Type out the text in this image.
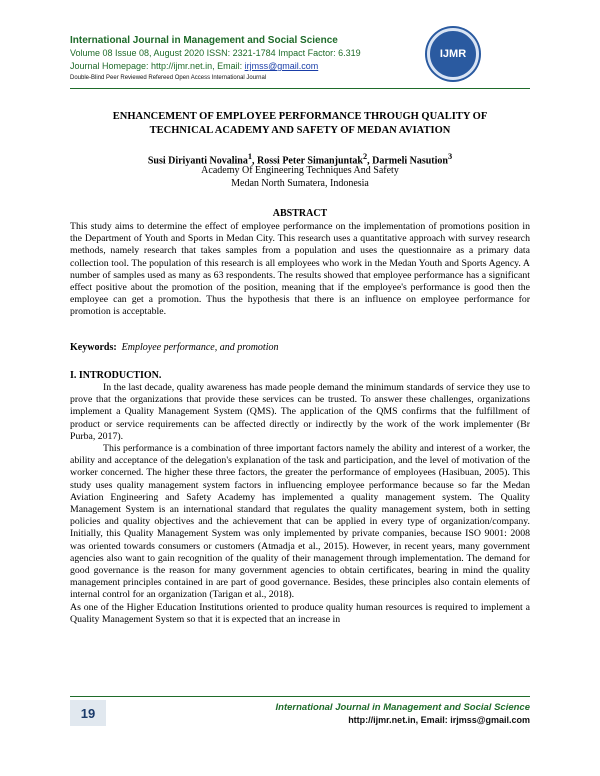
International Journal in Management and Social Science
Volume 08 Issue 08, August 2020 ISSN: 2321-1784 Impact Factor: 6.319
Journal Homepage: http://ijmr.net.in, Email: irjmss@gmail.com
Double-Blind Peer Reviewed Refereed Open Access International Journal
IJMR
ENHANCEMENT OF EMPLOYEE PERFORMANCE THROUGH QUALITY OF
TECHNICAL ACADEMY AND SAFETY OF MEDAN AVIATION
Susi Diriyanti Novalina$^1$, Rossi Peter Simanjuntak$^2$, Darmeli Nasution$^3$
Academy Of Engineering Techniques And Safety
Medan North Sumatera, Indonesia
ABSTRACT

This study aims to determine the effect of employee performance on the implementation of promotions position in the Department of Youth and Sports in Medan City. This research uses a quantitative approach with survey research methods, namely research that takes samples from a population and uses the questionnaire as a primary data collection tool. The population of this research is all employees who work in the Medan Youth and Sports Agency. A number of samples used as many as 63 respondents. The results showed that employee performance has a significant effect positive about the promotion of the position, meaning that if the employee's performance is good then the employee can get a promotion. Thus the hypothesis that there is an influence on employee performance for promotion is acceptable.

Keywords: Employee performance, and promotion
I. INTRODUCTION.

In the last decade, quality awareness has made people demand the minimum standards of service they use to prove that the organizations that provide these services can be trusted. To answer these challenges, organizations implement a Quality Management System (QMS). The application of the QMS confirms that the fulfillment of product or service requirements can be affected directly or indirectly by the work of the work implementer (Br Purba, 2017).

This performance is a combination of three important factors namely the ability and interest of a worker, the ability and acceptance of the delegation's explanation of the task and participation, and the level of motivation of the worker concerned. The higher these three factors, the greater the performance of employees (Hasibuan, 2005). This study uses quality management system factors in influencing employee performance because so far the Medan Aviation Engineering and Safety Academy has implemented a quality management system. The Quality Management System is an international standard that regulates the quality management system, both in setting policies and quality objectives and the achievement that can be applied in every type of organization/company. Initially, this Quality Management System was only implemented by private companies, because ISO 9001: 2008 was oriented towards consumers or customers (Atmadja et al., 2015). However, in recent years, many government agencies also want to gain recognition of the quality of their management through implementation. The demand for good governance is the reason for many government agencies to obtain certificates, bearing in mind the quality management principles contained in are part of good governance. Besides, these principles also contain elements of internal control for an organization (Tarigan et al., 2018).

As one of the Higher Education Institutions oriented to produce quality human resources is required to implement a Quality Management System so that it is expected that an increase in

19	International Journal in Management and Social Science
http://ijmr.net.in, Email: irjmss@gmail.com
